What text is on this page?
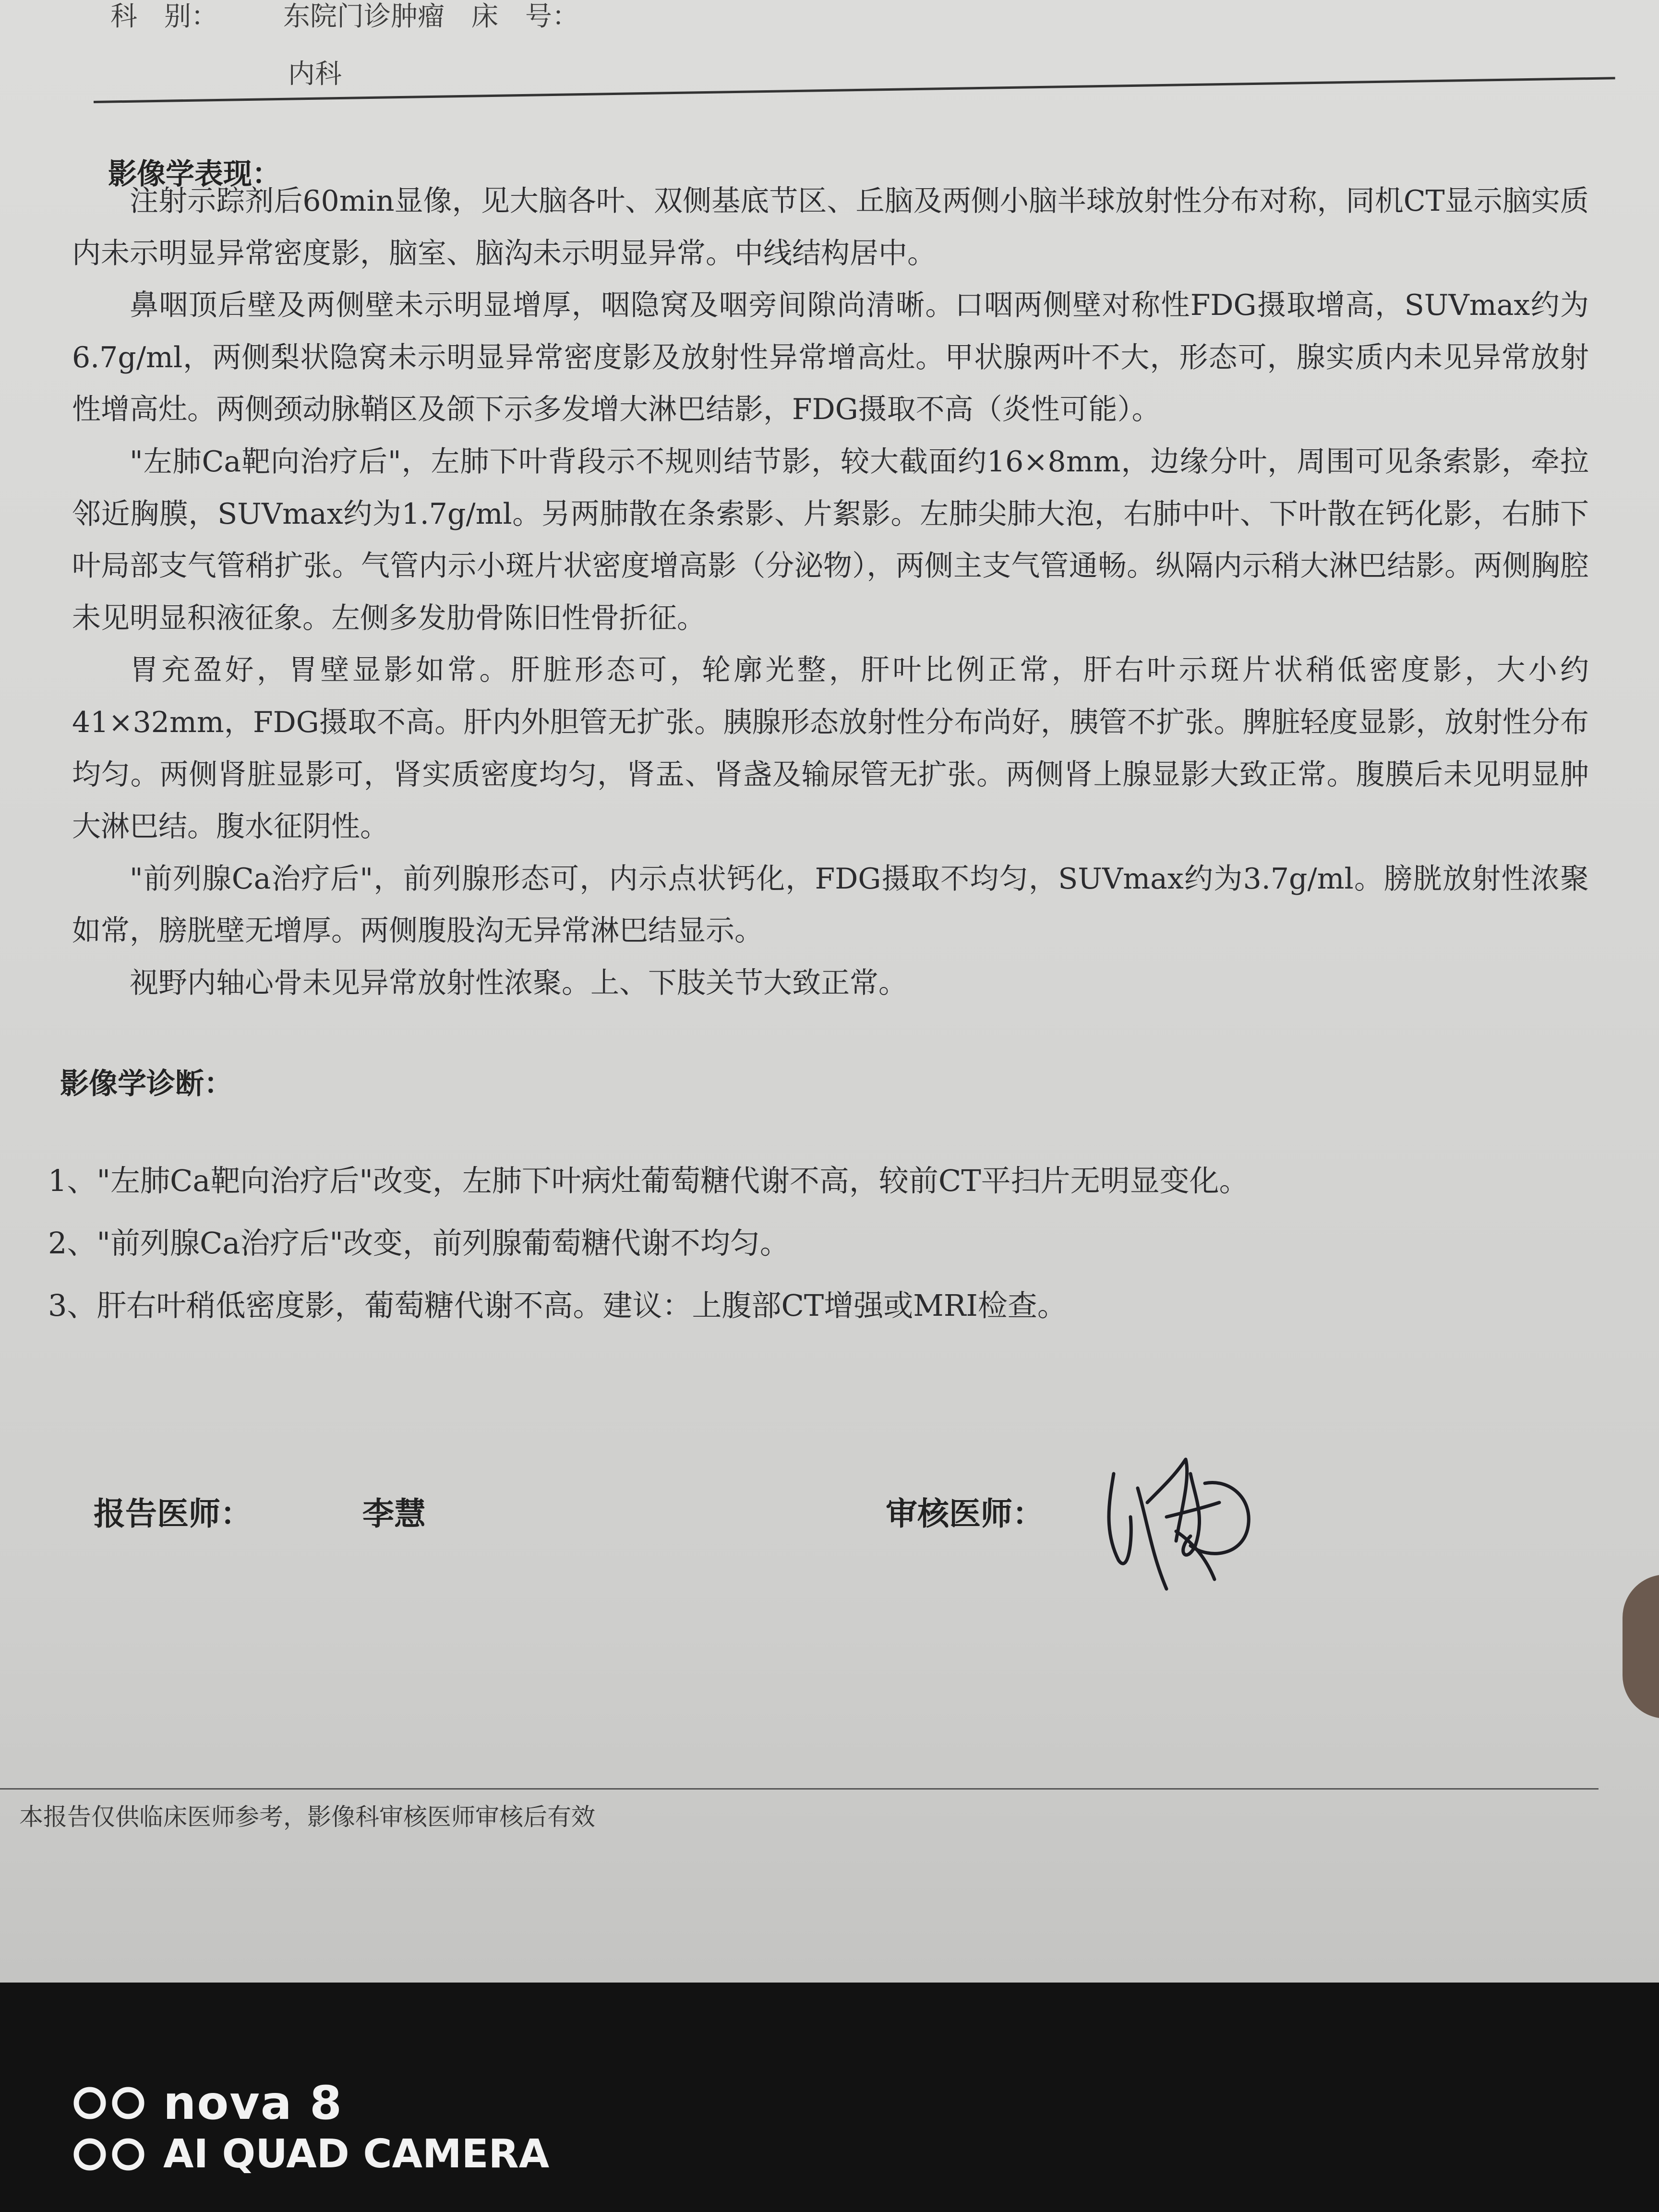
科　别： 东院门诊肿瘤　床　号：
内科
影像学表现：

注射示踪剂后60min显像，见大脑各叶、双侧基底节区、丘脑及两侧小脑半球放射性分布对称，同机CT显示脑实质内未示明显异常密度影，脑室、脑沟未示明显异常。中线结构居中。

鼻咽顶后壁及两侧壁未示明显增厚，咽隐窝及咽旁间隙尚清晰。口咽两侧壁对称性FDG摄取增高，SUVmax约为6.7g/ml，两侧梨状隐窝未示明显异常密度影及放射性异常增高灶。甲状腺两叶不大，形态可，腺实质内未见异常放射性增高灶。两侧颈动脉鞘区及颌下示多发增大淋巴结影，FDG摄取不高（炎性可能）。

"左肺Ca靶向治疗后"，左肺下叶背段示不规则结节影，较大截面约16×8mm，边缘分叶，周围可见条索影，牵拉邻近胸膜，SUVmax约为1.7g/ml。另两肺散在条索影、片絮影。左肺尖肺大泡，右肺中叶、下叶散在钙化影，右肺下叶局部支气管稍扩张。气管内示小斑片状密度增高影（分泌物），两侧主支气管通畅。纵隔内示稍大淋巴结影。两侧胸腔未见明显积液征象。左侧多发肋骨陈旧性骨折征。

胃充盈好，胃壁显影如常。肝脏形态可，轮廓光整，肝叶比例正常，肝右叶示斑片状稍低密度影，大小约41×32mm，FDG摄取不高。肝内外胆管无扩张。胰腺形态放射性分布尚好，胰管不扩张。脾脏轻度显影，放射性分布均匀。两侧肾脏显影可，肾实质密度均匀，肾盂、肾盏及输尿管无扩张。两侧肾上腺显影大致正常。腹膜后未见明显肿大淋巴结。腹水征阴性。

"前列腺Ca治疗后"，前列腺形态可，内示点状钙化，FDG摄取不均匀，SUVmax约为3.7g/ml。膀胱放射性浓聚如常，膀胱壁无增厚。两侧腹股沟无异常淋巴结显示。

视野内轴心骨未见异常放射性浓聚。上、下肢关节大致正常。

影像学诊断：
1、"左肺Ca靶向治疗后"改变，左肺下叶病灶葡萄糖代谢不高，较前CT平扫片无明显变化。
2、"前列腺Ca治疗后"改变，前列腺葡萄糖代谢不均匀。
3、肝右叶稍低密度影，葡萄糖代谢不高。建议：上腹部CT增强或MRI检查。
报告医师：	李慧	审核医师：
本报告仅供临床医师参考，影像科审核医师审核后有效
nova 8
AI QUAD CAMERA
